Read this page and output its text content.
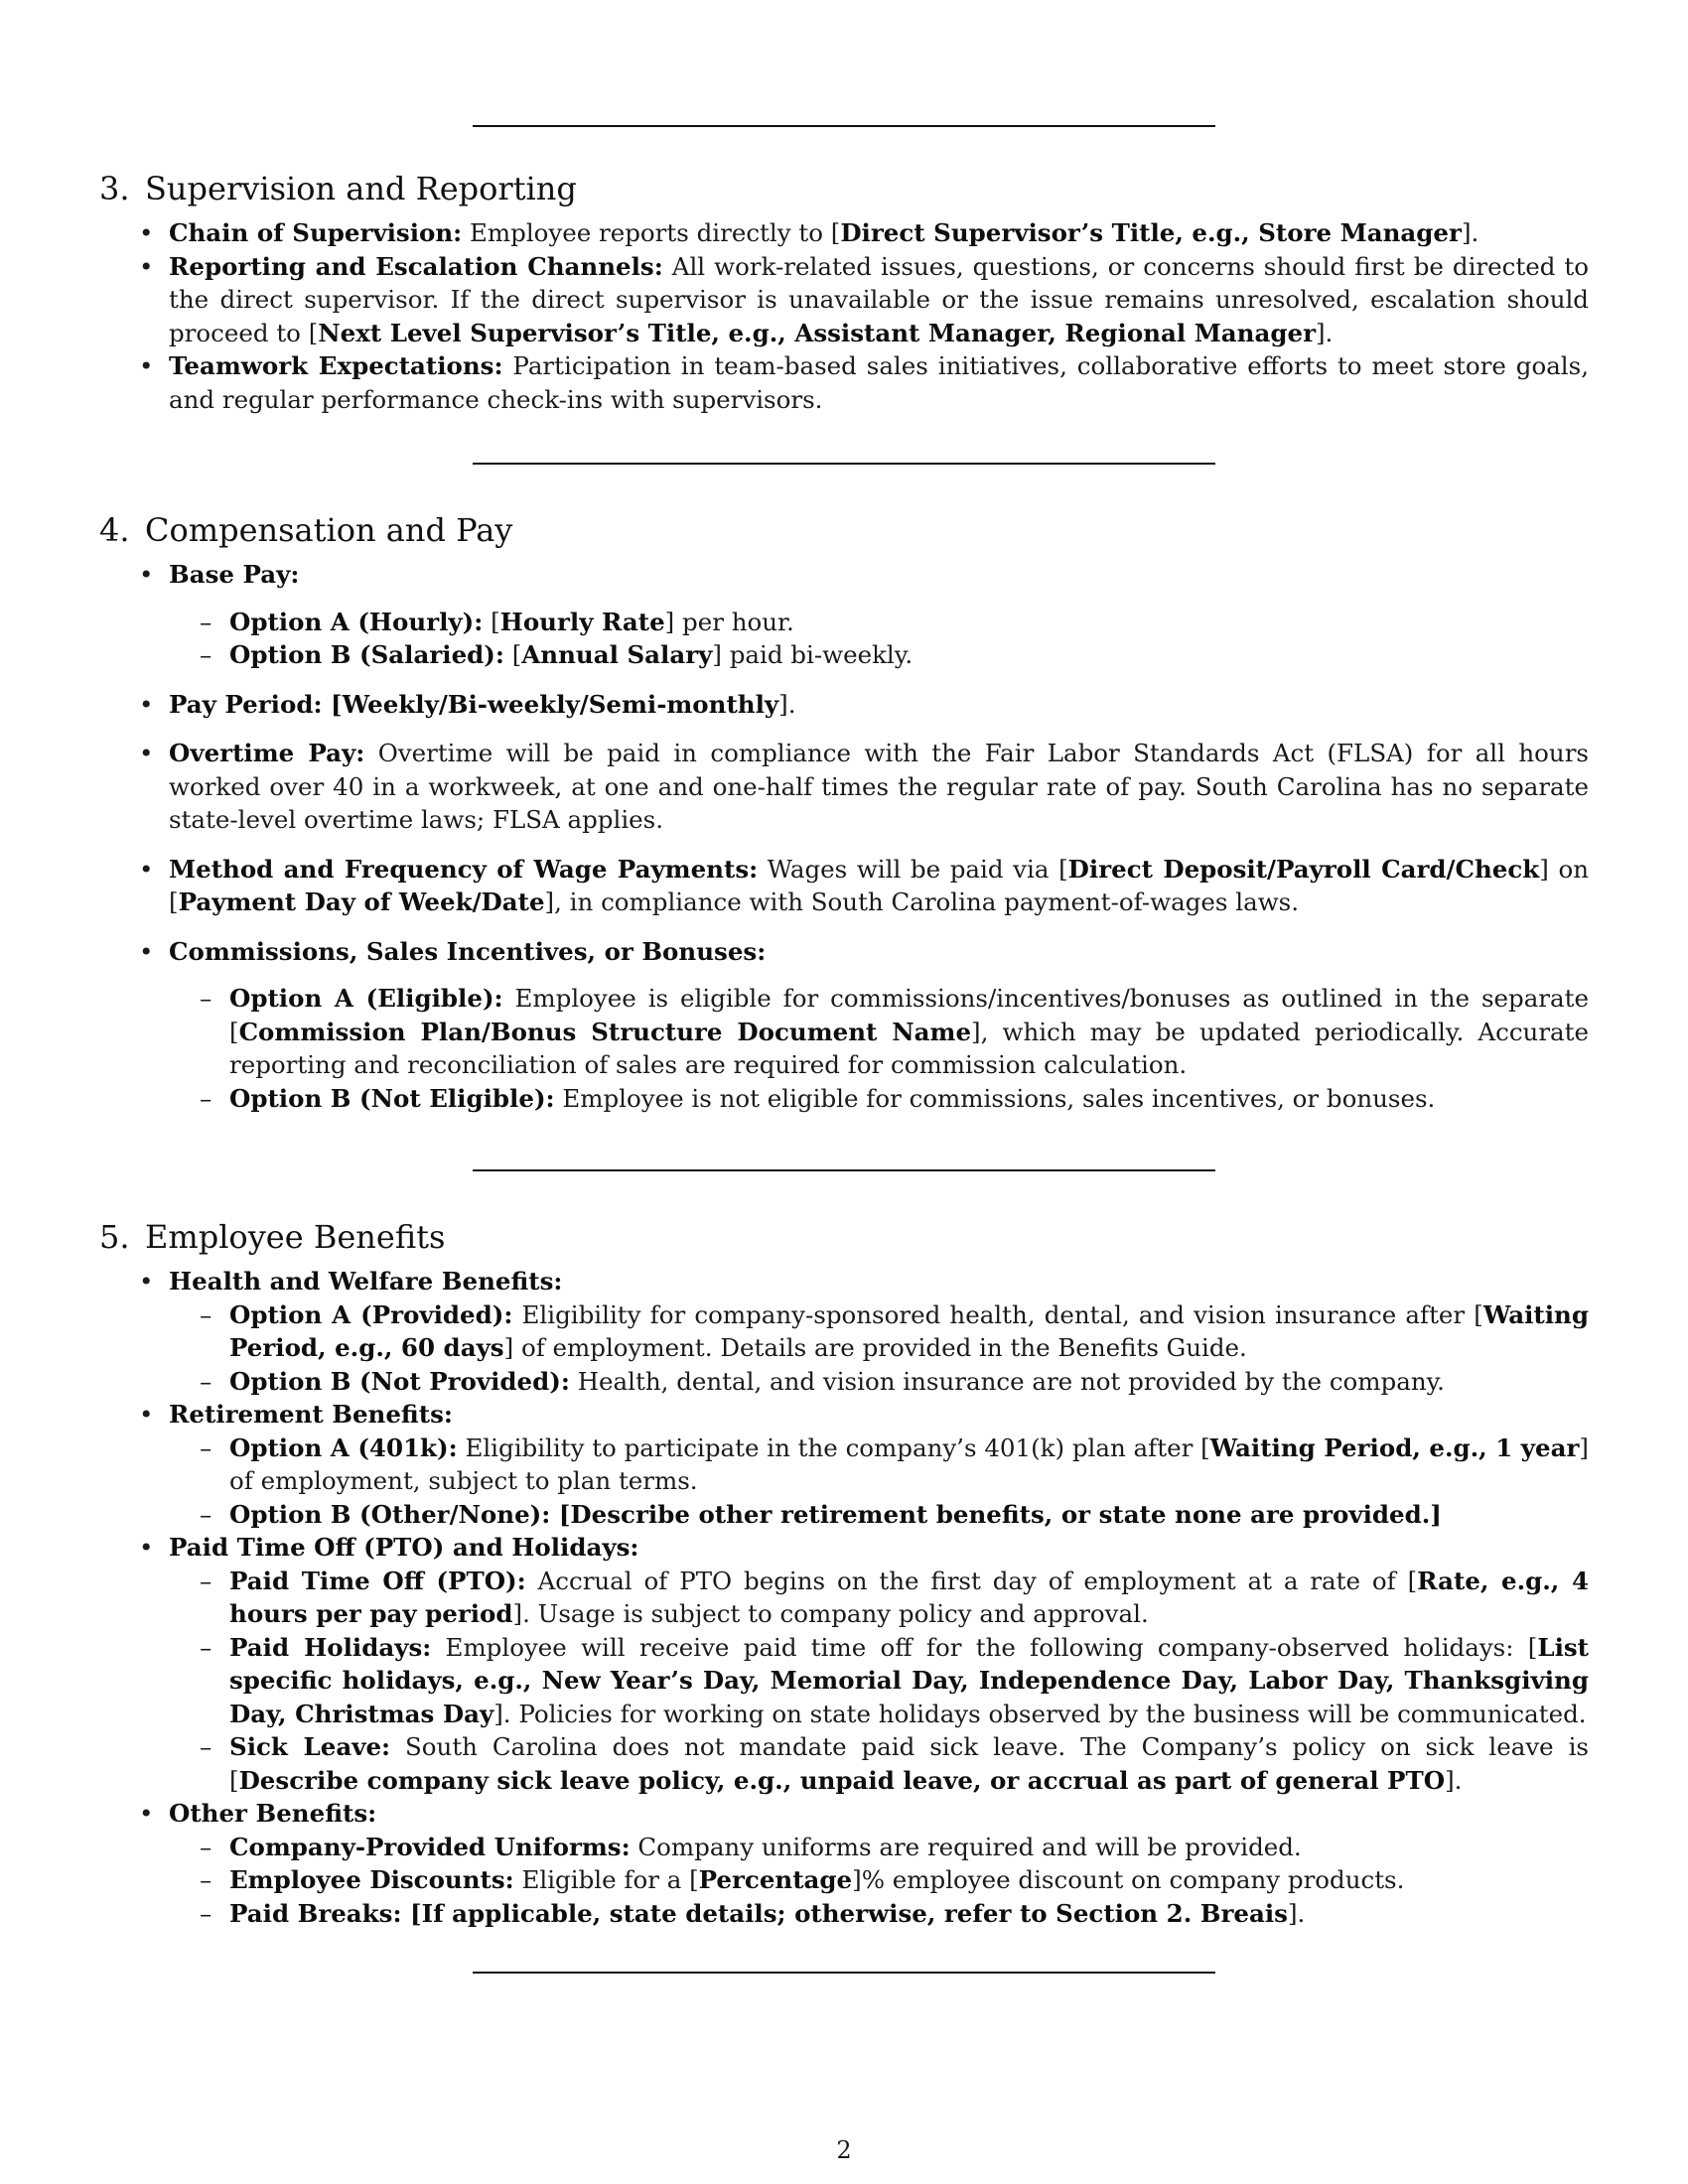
3. Supervision and Reporting
• Chain of Supervision: Employee reports directly to [Direct Supervisor’s Title, e.g., Store Manager].
• Reporting and Escalation Channels: All work-related issues, questions, or concerns should first be directed to the direct supervisor. If the direct supervisor is unavailable or the issue remains unresolved, escalation should proceed to [Next Level Supervisor’s Title, e.g., Assistant Manager, Regional Manager].
• Teamwork Expectations: Participation in team-based sales initiatives, collaborative efforts to meet store goals, and regular performance check-ins with supervisors.
4. Compensation and Pay
• Base Pay:
– Option A (Hourly): [Hourly Rate] per hour.
– Option B (Salaried): [Annual Salary] paid bi-weekly.
• Pay Period: [Weekly/Bi-weekly/Semi-monthly].
• Overtime Pay: Overtime will be paid in compliance with the Fair Labor Standards Act (FLSA) for all hours worked over 40 in a workweek, at one and one-half times the regular rate of pay. South Carolina has no separate state-level overtime laws; FLSA applies.
• Method and Frequency of Wage Payments: Wages will be paid via [Direct Deposit/Payroll Card/Check] on [Payment Day of Week/Date], in compliance with South Carolina payment-of-wages laws.
• Commissions, Sales Incentives, or Bonuses:
– Option A (Eligible): Employee is eligible for commissions/incentives/bonuses as outlined in the separate [Commission Plan/Bonus Structure Document Name], which may be updated periodically. Accurate reporting and reconciliation of sales are required for commission calculation.
– Option B (Not Eligible): Employee is not eligible for commissions, sales incentives, or bonuses.
5. Employee Benefits
• Health and Welfare Benefits:
– Option A (Provided): Eligibility for company-sponsored health, dental, and vision insurance after [Waiting Period, e.g., 60 days] of employment. Details are provided in the Benefits Guide.
– Option B (Not Provided): Health, dental, and vision insurance are not provided by the company.
• Retirement Benefits:
– Option A (401k): Eligibility to participate in the company’s 401(k) plan after [Waiting Period, e.g., 1 year] of employment, subject to plan terms.
– Option B (Other/None): [Describe other retirement benefits, or state none are provided.]
• Paid Time Off (PTO) and Holidays:
– Paid Time Off (PTO): Accrual of PTO begins on the first day of employment at a rate of [Rate, e.g., 4 hours per pay period]. Usage is subject to company policy and approval.
– Paid Holidays: Employee will receive paid time off for the following company-observed holidays: [List specific holidays, e.g., New Year’s Day, Memorial Day, Independence Day, Labor Day, Thanksgiving Day, Christmas Day]. Policies for working on state holidays observed by the business will be communicated.
– Sick Leave: South Carolina does not mandate paid sick leave. The Company’s policy on sick leave is [Describe company sick leave policy, e.g., unpaid leave, or accrual as part of general PTO].
• Other Benefits:
– Company-Provided Uniforms: Company uniforms are required and will be provided.
– Employee Discounts: Eligible for a [Percentage]% employee discount on company products.
– Paid Breaks: [If applicable, state details; otherwise, refer to Section 2. Breais].
2
